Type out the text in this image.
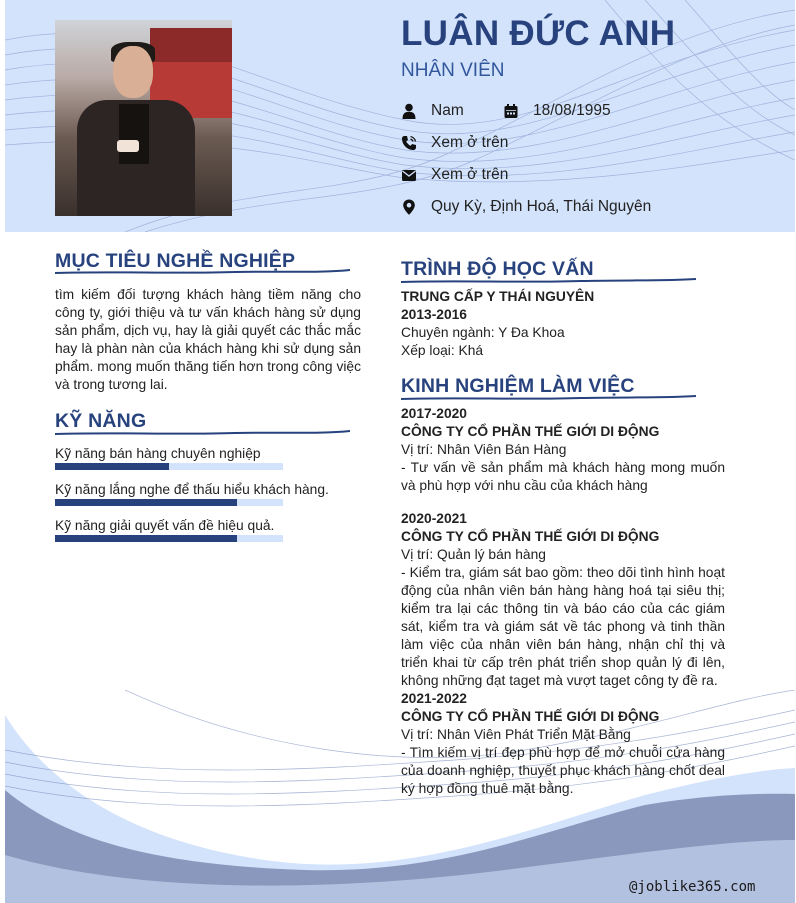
LUÂN ĐỨC ANH
NHÂN VIÊN
Nam	18/08/1995
Xem ở trên
Xem ở trên
Quy Kỳ, Định Hoá, Thái Nguyên
MỤC TIÊU NGHỀ NGHIỆP
tìm kiếm đối tượng khách hàng tiềm năng cho công ty, giới thiệu và tư vấn khách hàng sử dụng sản phẩm, dịch vụ, hay là giải quyết các thắc mắc hay là phàn nàn của khách hàng khi sử dụng sản phẩm. mong muốn thăng tiến hơn trong công việc và trong tương lai.
KỸ NĂNG
Kỹ năng bán hàng chuyên nghiệp
Kỹ năng lắng nghe để thấu hiểu khách hàng.
Kỹ năng giải quyết vấn đề hiệu quả.
TRÌNH ĐỘ HỌC VẤN
TRUNG CẤP Y THÁI NGUYÊN
2013-2016
Chuyên ngành: Y Đa Khoa
Xếp loại: Khá
KINH NGHIỆM LÀM VIỆC
2017-2020
CÔNG TY CỔ PHẦN THẾ GIỚI DI ĐỘNG
Vị trí: Nhân Viên Bán Hàng
- Tư vấn về sản phẩm mà khách hàng mong muốn và phù hợp với nhu cầu của khách hàng
2020-2021
CÔNG TY CỔ PHẦN THẾ GIỚI DI ĐỘNG
Vị trí: Quản lý bán hàng
- Kiểm tra, giám sát bao gồm: theo dõi tình hình hoạt động của nhân viên bán hàng hàng hoá tại siêu thị; kiểm tra lại các thông tin và báo cáo của các giám sát, kiểm tra và giám sát về tác phong và tinh thần làm việc của nhân viên bán hàng, nhận chỉ thị và triển khai từ cấp trên phát triển shop quản lý đi lên, không những đạt taget mà vượt taget công ty đề ra.
2021-2022
CÔNG TY CỔ PHẦN THẾ GIỚI DI ĐỘNG
Vị trí: Nhân Viên Phát Triển Mặt Bằng
- Tìm kiếm vị trí đẹp phù hợp để mở chuỗi cửa hàng của doanh nghiệp, thuyết phục khách hàng chốt deal ký hợp đồng thuê mặt bằng.
@joblike365.com
